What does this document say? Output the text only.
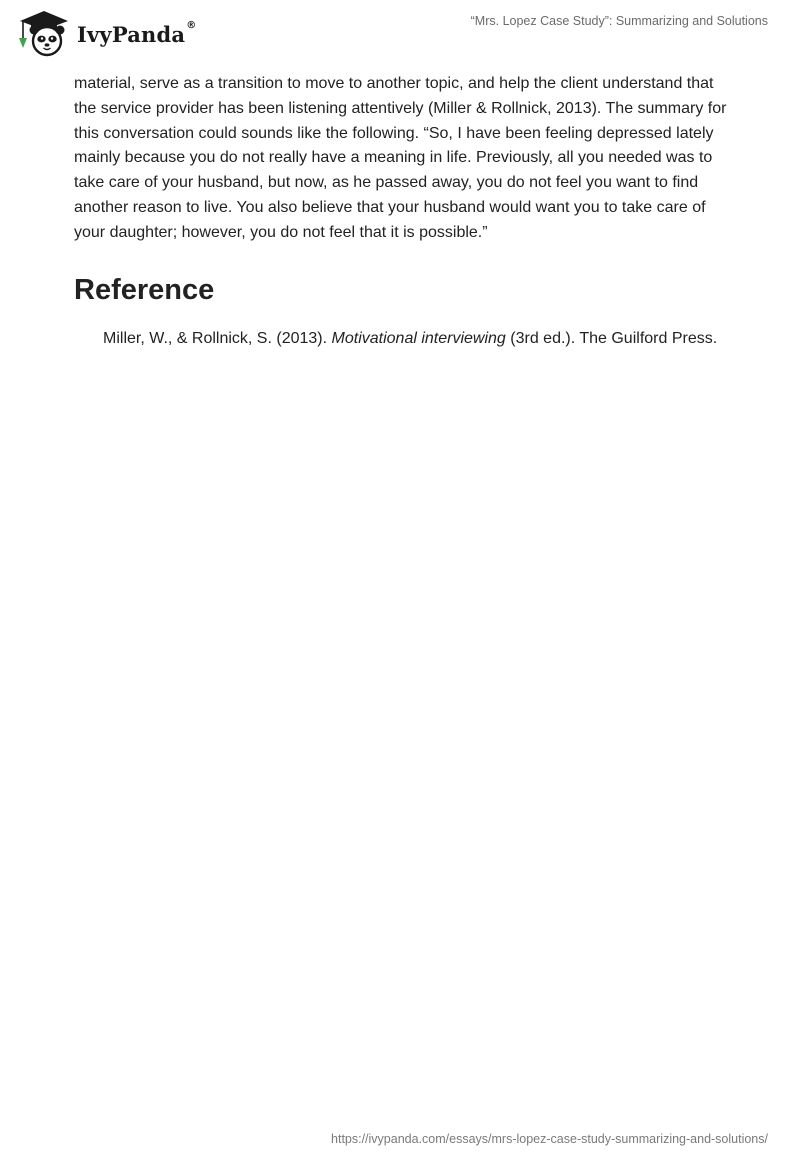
IvyPanda®	“Mrs. Lopez Case Study”: Summarizing and Solutions

material, serve as a transition to move to another topic, and help the client understand that the service provider has been listening attentively (Miller & Rollnick, 2013). The summary for this conversation could sounds like the following. “So, I have been feeling depressed lately mainly because you do not really have a meaning in life. Previously, all you needed was to take care of your husband, but now, as he passed away, you do not feel you want to find another reason to live. You also believe that your husband would want you to take care of your daughter; however, you do not feel that it is possible.”

Reference

Miller, W., & Rollnick, S. (2013). Motivational interviewing (3rd ed.). The Guilford Press.

https://ivypanda.com/essays/mrs-lopez-case-study-summarizing-and-solutions/
